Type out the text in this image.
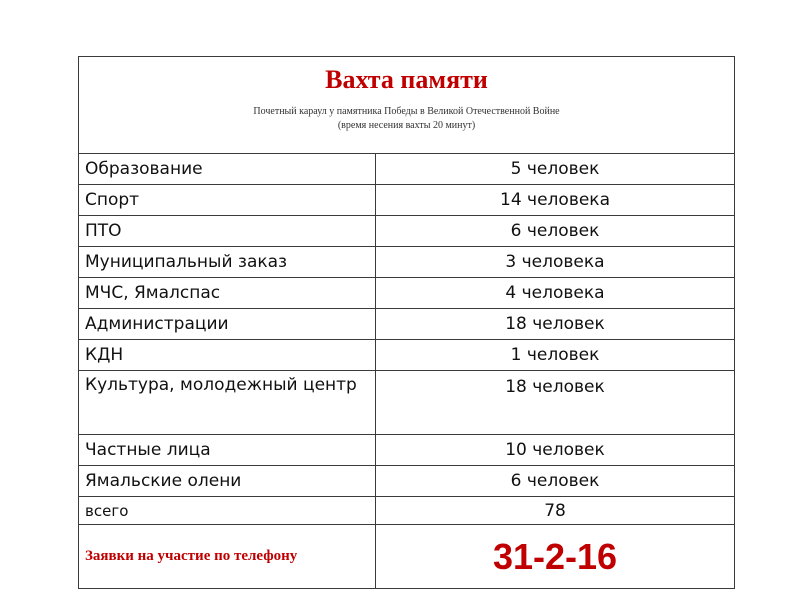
Вахта памяти
Почетный караул у памятника Победы в Великой Отечественной Войне
(время несения вахты 20 минут)	

Образование	5 человек
Спорт	14 человека
ПТО	6 человек
Муниципальный заказ	3 человека
МЧС, Ямалспас	4 человека
Администрации	18 человек
КДН	1 человек
Культура, молодежный центр	18 человек
Частные лица	10 человек
Ямальские олени	6 человек
всего	78
Заявки на участие по телефону	31-2-16
